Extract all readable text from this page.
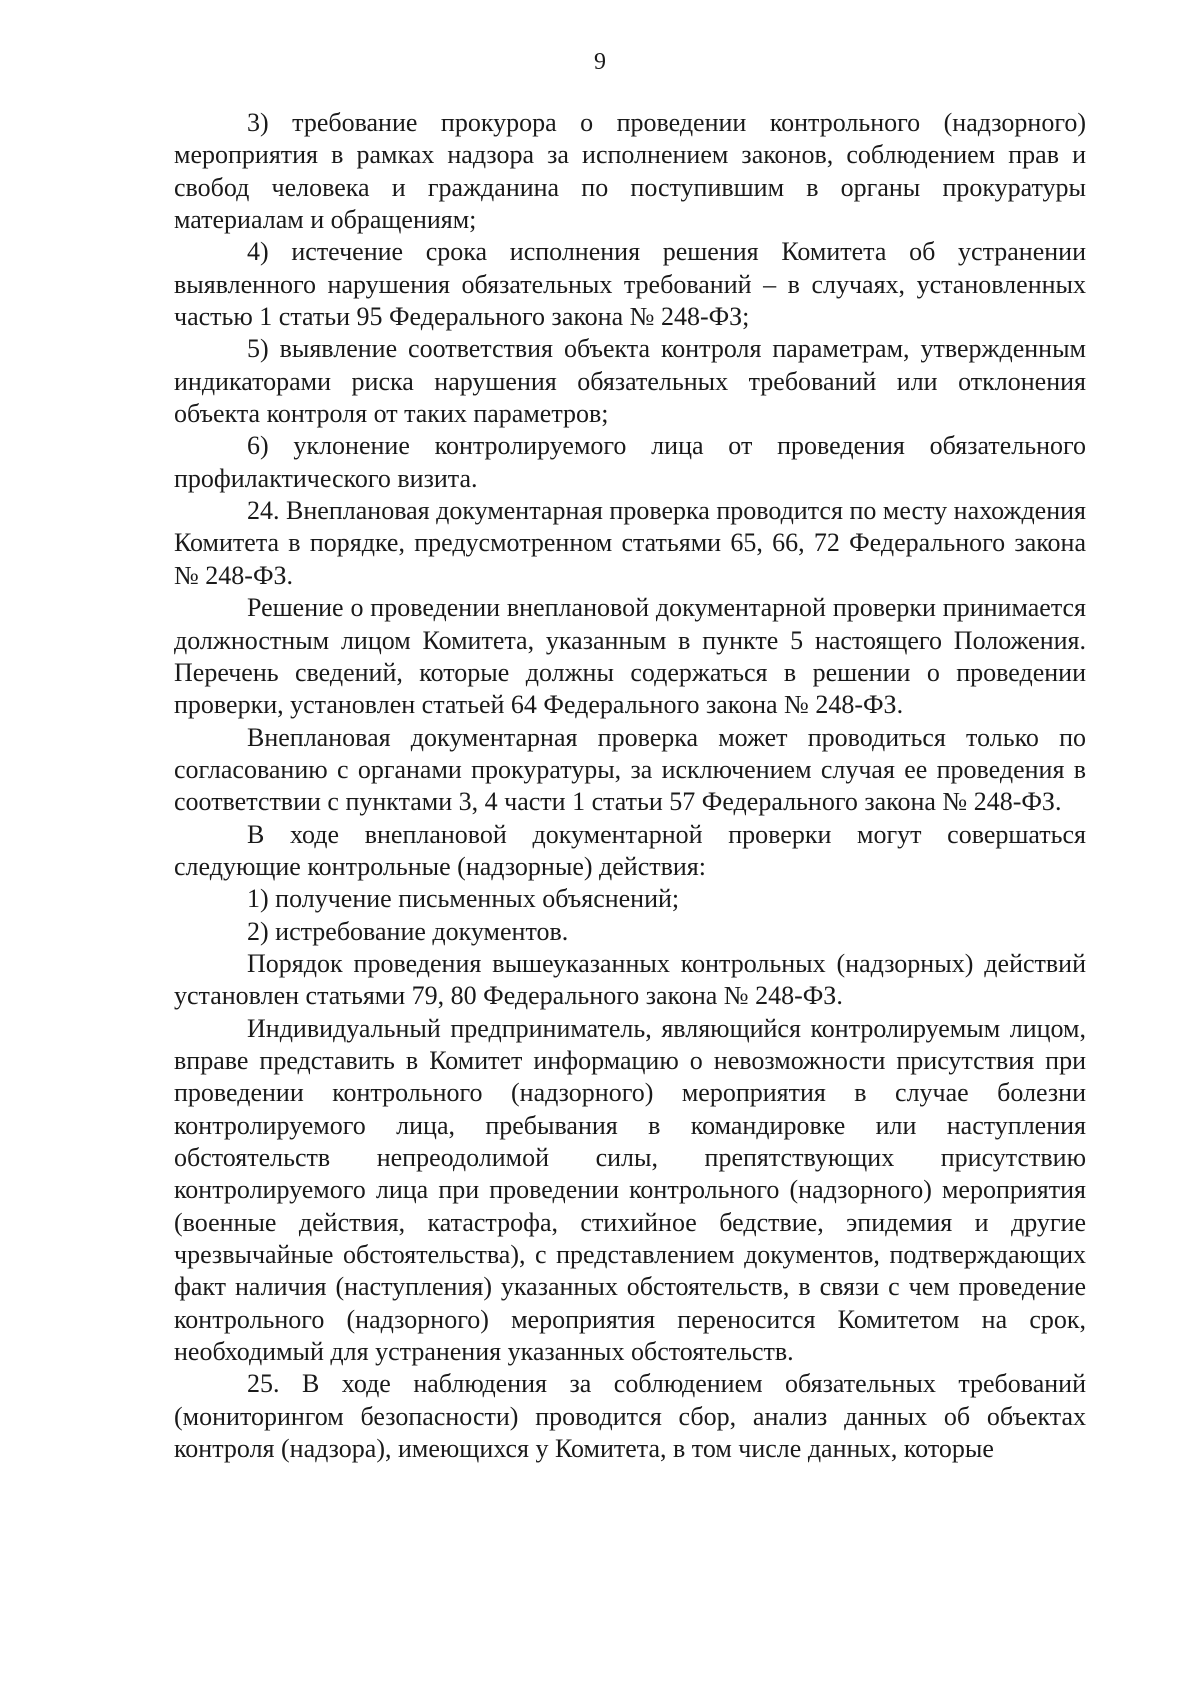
9

3) требование прокурора о проведении контрольного (надзорного) мероприятия в рамках надзора за исполнением законов, соблюдением прав и свобод человека и гражданина по поступившим в органы прокуратуры материалам и обращениям;

4) истечение срока исполнения решения Комитета об устранении выявленного нарушения обязательных требований – в случаях, установленных частью 1 статьи 95 Федерального закона № 248-ФЗ;

5) выявление соответствия объекта контроля параметрам, утвержденным индикаторами риска нарушения обязательных требований или отклонения объекта контроля от таких параметров;

6) уклонение контролируемого лица от проведения обязательного профилактического визита.

24. Внеплановая документарная проверка проводится по месту нахождения Комитета в порядке, предусмотренном статьями 65, 66, 72 Федерального закона № 248-ФЗ.

Решение о проведении внеплановой документарной проверки принимается должностным лицом Комитета, указанным в пункте 5 настоящего Положения. Перечень сведений, которые должны содержаться в решении о проведении проверки, установлен статьей 64 Федерального закона № 248-ФЗ.

Внеплановая документарная проверка может проводиться только по согласованию с органами прокуратуры, за исключением случая ее проведения в соответствии с пунктами 3, 4 части 1 статьи 57 Федерального закона № 248-ФЗ.

В ходе внеплановой документарной проверки могут совершаться следующие контрольные (надзорные) действия:

1) получение письменных объяснений;

2) истребование документов.

Порядок проведения вышеуказанных контрольных (надзорных) действий установлен статьями 79, 80 Федерального закона № 248-ФЗ.

Индивидуальный предприниматель, являющийся контролируемым лицом, вправе представить в Комитет информацию о невозможности присутствия при проведении контрольного (надзорного) мероприятия в случае болезни контролируемого лица, пребывания в командировке или наступления обстоятельств непреодолимой силы, препятствующих присутствию контролируемого лица при проведении контрольного (надзорного) мероприятия (военные действия, катастрофа, стихийное бедствие, эпидемия и другие чрезвычайные обстоятельства), с представлением документов, подтверждающих факт наличия (наступления) указанных обстоятельств, в связи с чем проведение контрольного (надзорного) мероприятия переносится Комитетом на срок, необходимый для устранения указанных обстоятельств.

25. В ходе наблюдения за соблюдением обязательных требований (мониторингом безопасности) проводится сбор, анализ данных об объектах контроля (надзора), имеющихся у Комитета, в том числе данных, которые
